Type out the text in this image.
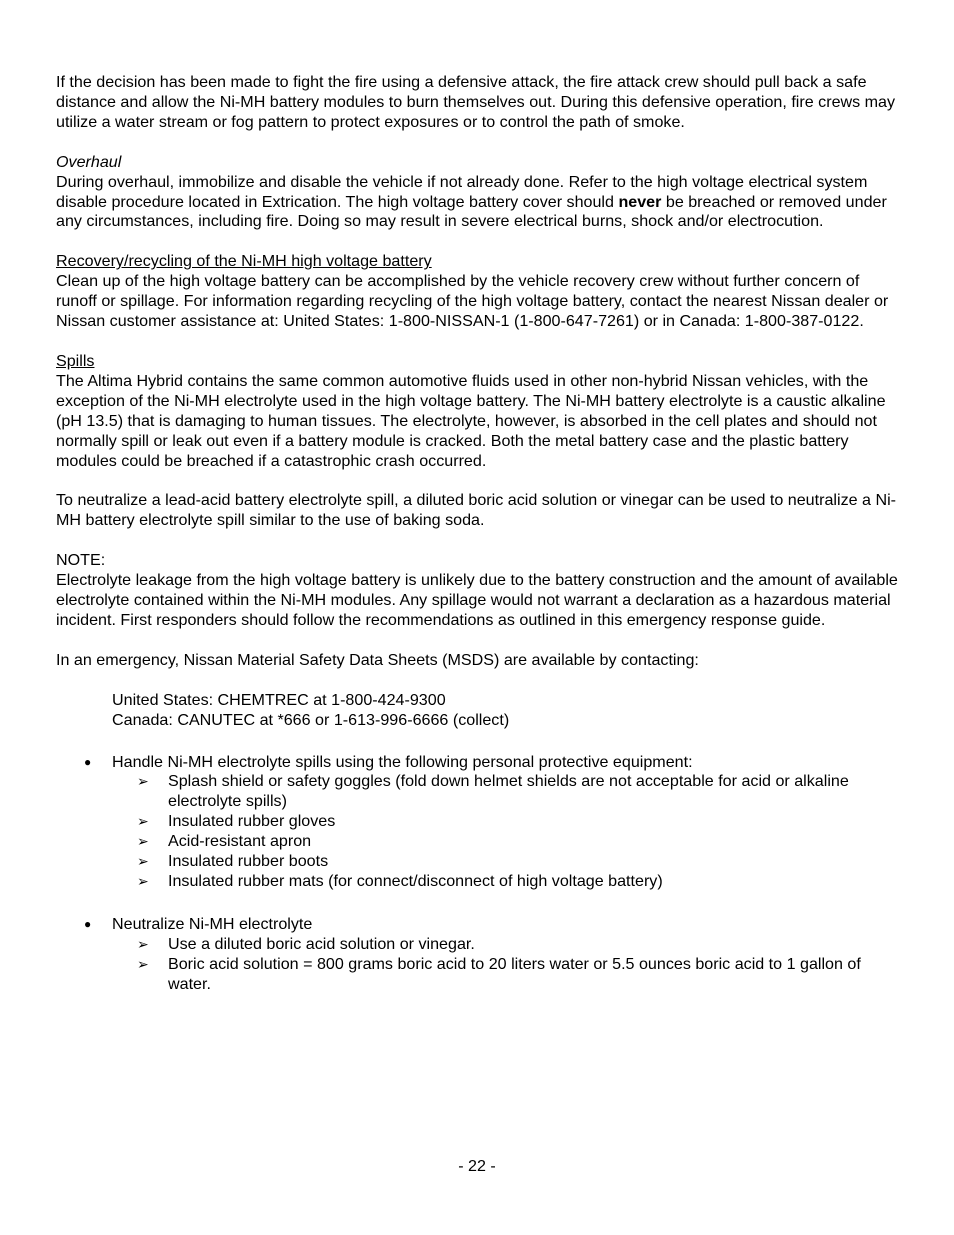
If the decision has been made to fight the fire using a defensive attack, the fire attack crew should pull back a safe distance and allow the Ni-MH battery modules to burn themselves out. During this defensive operation, fire crews may utilize a water stream or fog pattern to protect exposures or to control the path of smoke.

Overhaul

During overhaul, immobilize and disable the vehicle if not already done. Refer to the high voltage electrical system disable procedure located in Extrication. The high voltage battery cover should never be breached or removed under any circumstances, including fire. Doing so may result in severe electrical burns, shock and/or electrocution.

Recovery/recycling of the Ni-MH high voltage battery

Clean up of the high voltage battery can be accomplished by the vehicle recovery crew without further concern of runoff or spillage. For information regarding recycling of the high voltage battery, contact the nearest Nissan dealer or Nissan customer assistance at: United States: 1-800-NISSAN-1 (1-800-647-7261) or in Canada: 1-800-387-0122.

Spills

The Altima Hybrid contains the same common automotive fluids used in other non-hybrid Nissan vehicles, with the exception of the Ni-MH electrolyte used in the high voltage battery. The Ni-MH battery electrolyte is a caustic alkaline (pH 13.5) that is damaging to human tissues. The electrolyte, however, is absorbed in the cell plates and should not normally spill or leak out even if a battery module is cracked. Both the metal battery case and the plastic battery modules could be breached if a catastrophic crash occurred.

To neutralize a lead-acid battery electrolyte spill, a diluted boric acid solution or vinegar can be used to neutralize a Ni-MH battery electrolyte spill similar to the use of baking soda.

NOTE:

Electrolyte leakage from the high voltage battery is unlikely due to the battery construction and the amount of available electrolyte contained within the Ni-MH modules. Any spillage would not warrant a declaration as a hazardous material incident. First responders should follow the recommendations as outlined in this emergency response guide.

In an emergency, Nissan Material Safety Data Sheets (MSDS) are available by contacting:

United States: CHEMTREC at 1-800-424-9300

Canada: CANUTEC at *666 or 1-613-996-6666 (collect)

● Handle Ni-MH electrolyte spills using the following personal protective equipment:
➢ Splash shield or safety goggles (fold down helmet shields are not acceptable for acid or alkaline electrolyte spills)
➢ Insulated rubber gloves
➢ Acid-resistant apron
➢ Insulated rubber boots
➢ Insulated rubber mats (for connect/disconnect of high voltage battery)
● Neutralize Ni-MH electrolyte
➢ Use a diluted boric acid solution or vinegar.
➢ Boric acid solution = 800 grams boric acid to 20 liters water or 5.5 ounces boric acid to 1 gallon of water.
- 22 -
